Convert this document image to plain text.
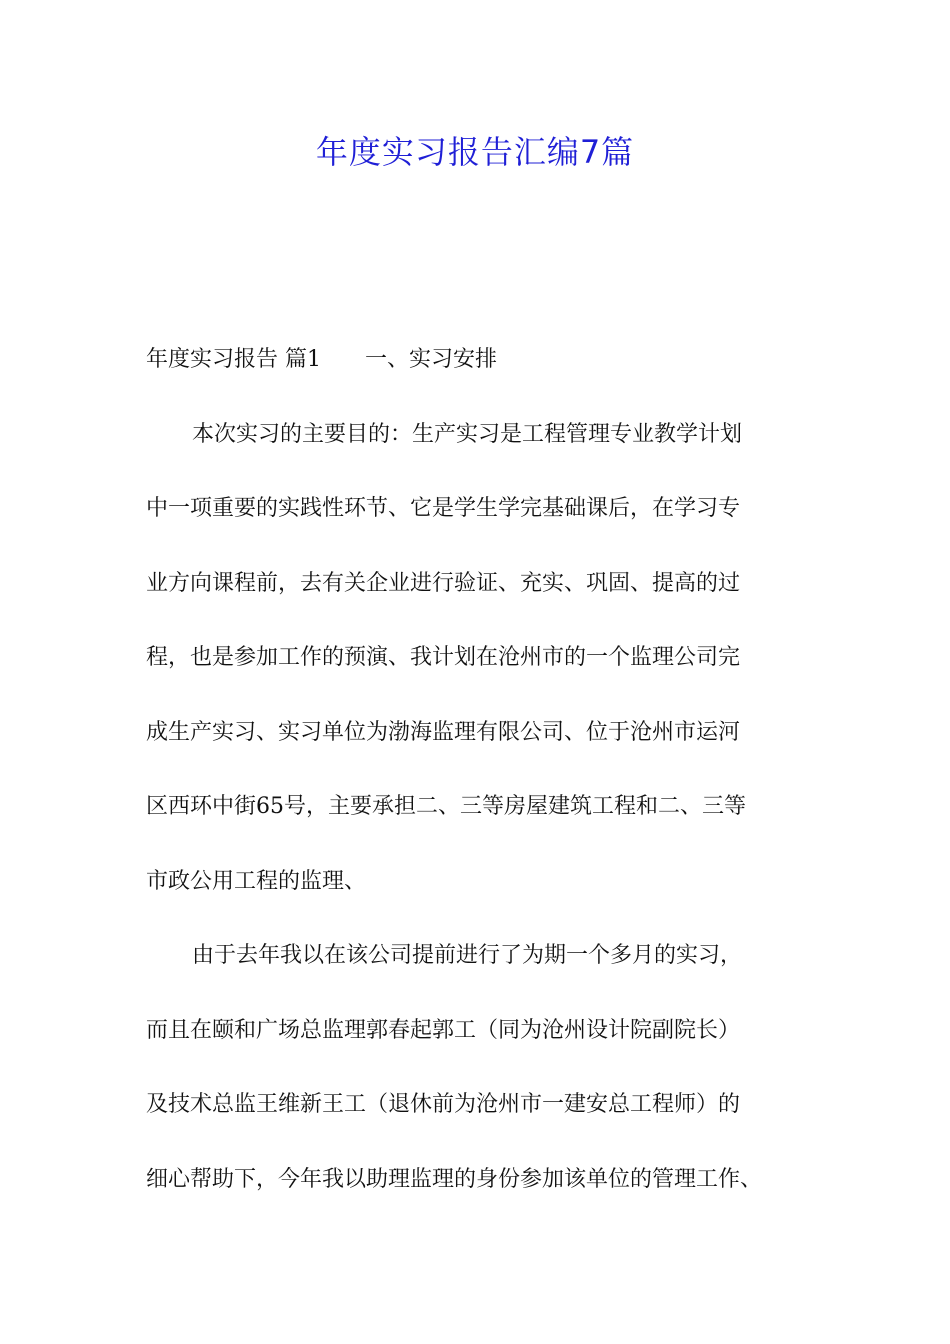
年度实习报告汇编7篇
年度实习报告 篇1 一、实习安排
本次实习的主要目的：生产实习是工程管理专业教学计划
中一项重要的实践性环节、它是学生学完基础课后，在学习专
业方向课程前，去有关企业进行验证、充实、巩固、提高的过
程，也是参加工作的预演、我计划在沧州市的一个监理公司完
成生产实习、实习单位为渤海监理有限公司、位于沧州市运河
区西环中街65号，主要承担二、三等房屋建筑工程和二、三等
市政公用工程的监理、
由于去年我以在该公司提前进行了为期一个多月的实习，
而且在颐和广场总监理郭春起郭工（同为沧州设计院副院长）
及技术总监王维新王工（退休前为沧州市一建安总工程师）的
细心帮助下，今年我以助理监理的身份参加该单位的管理工作、
